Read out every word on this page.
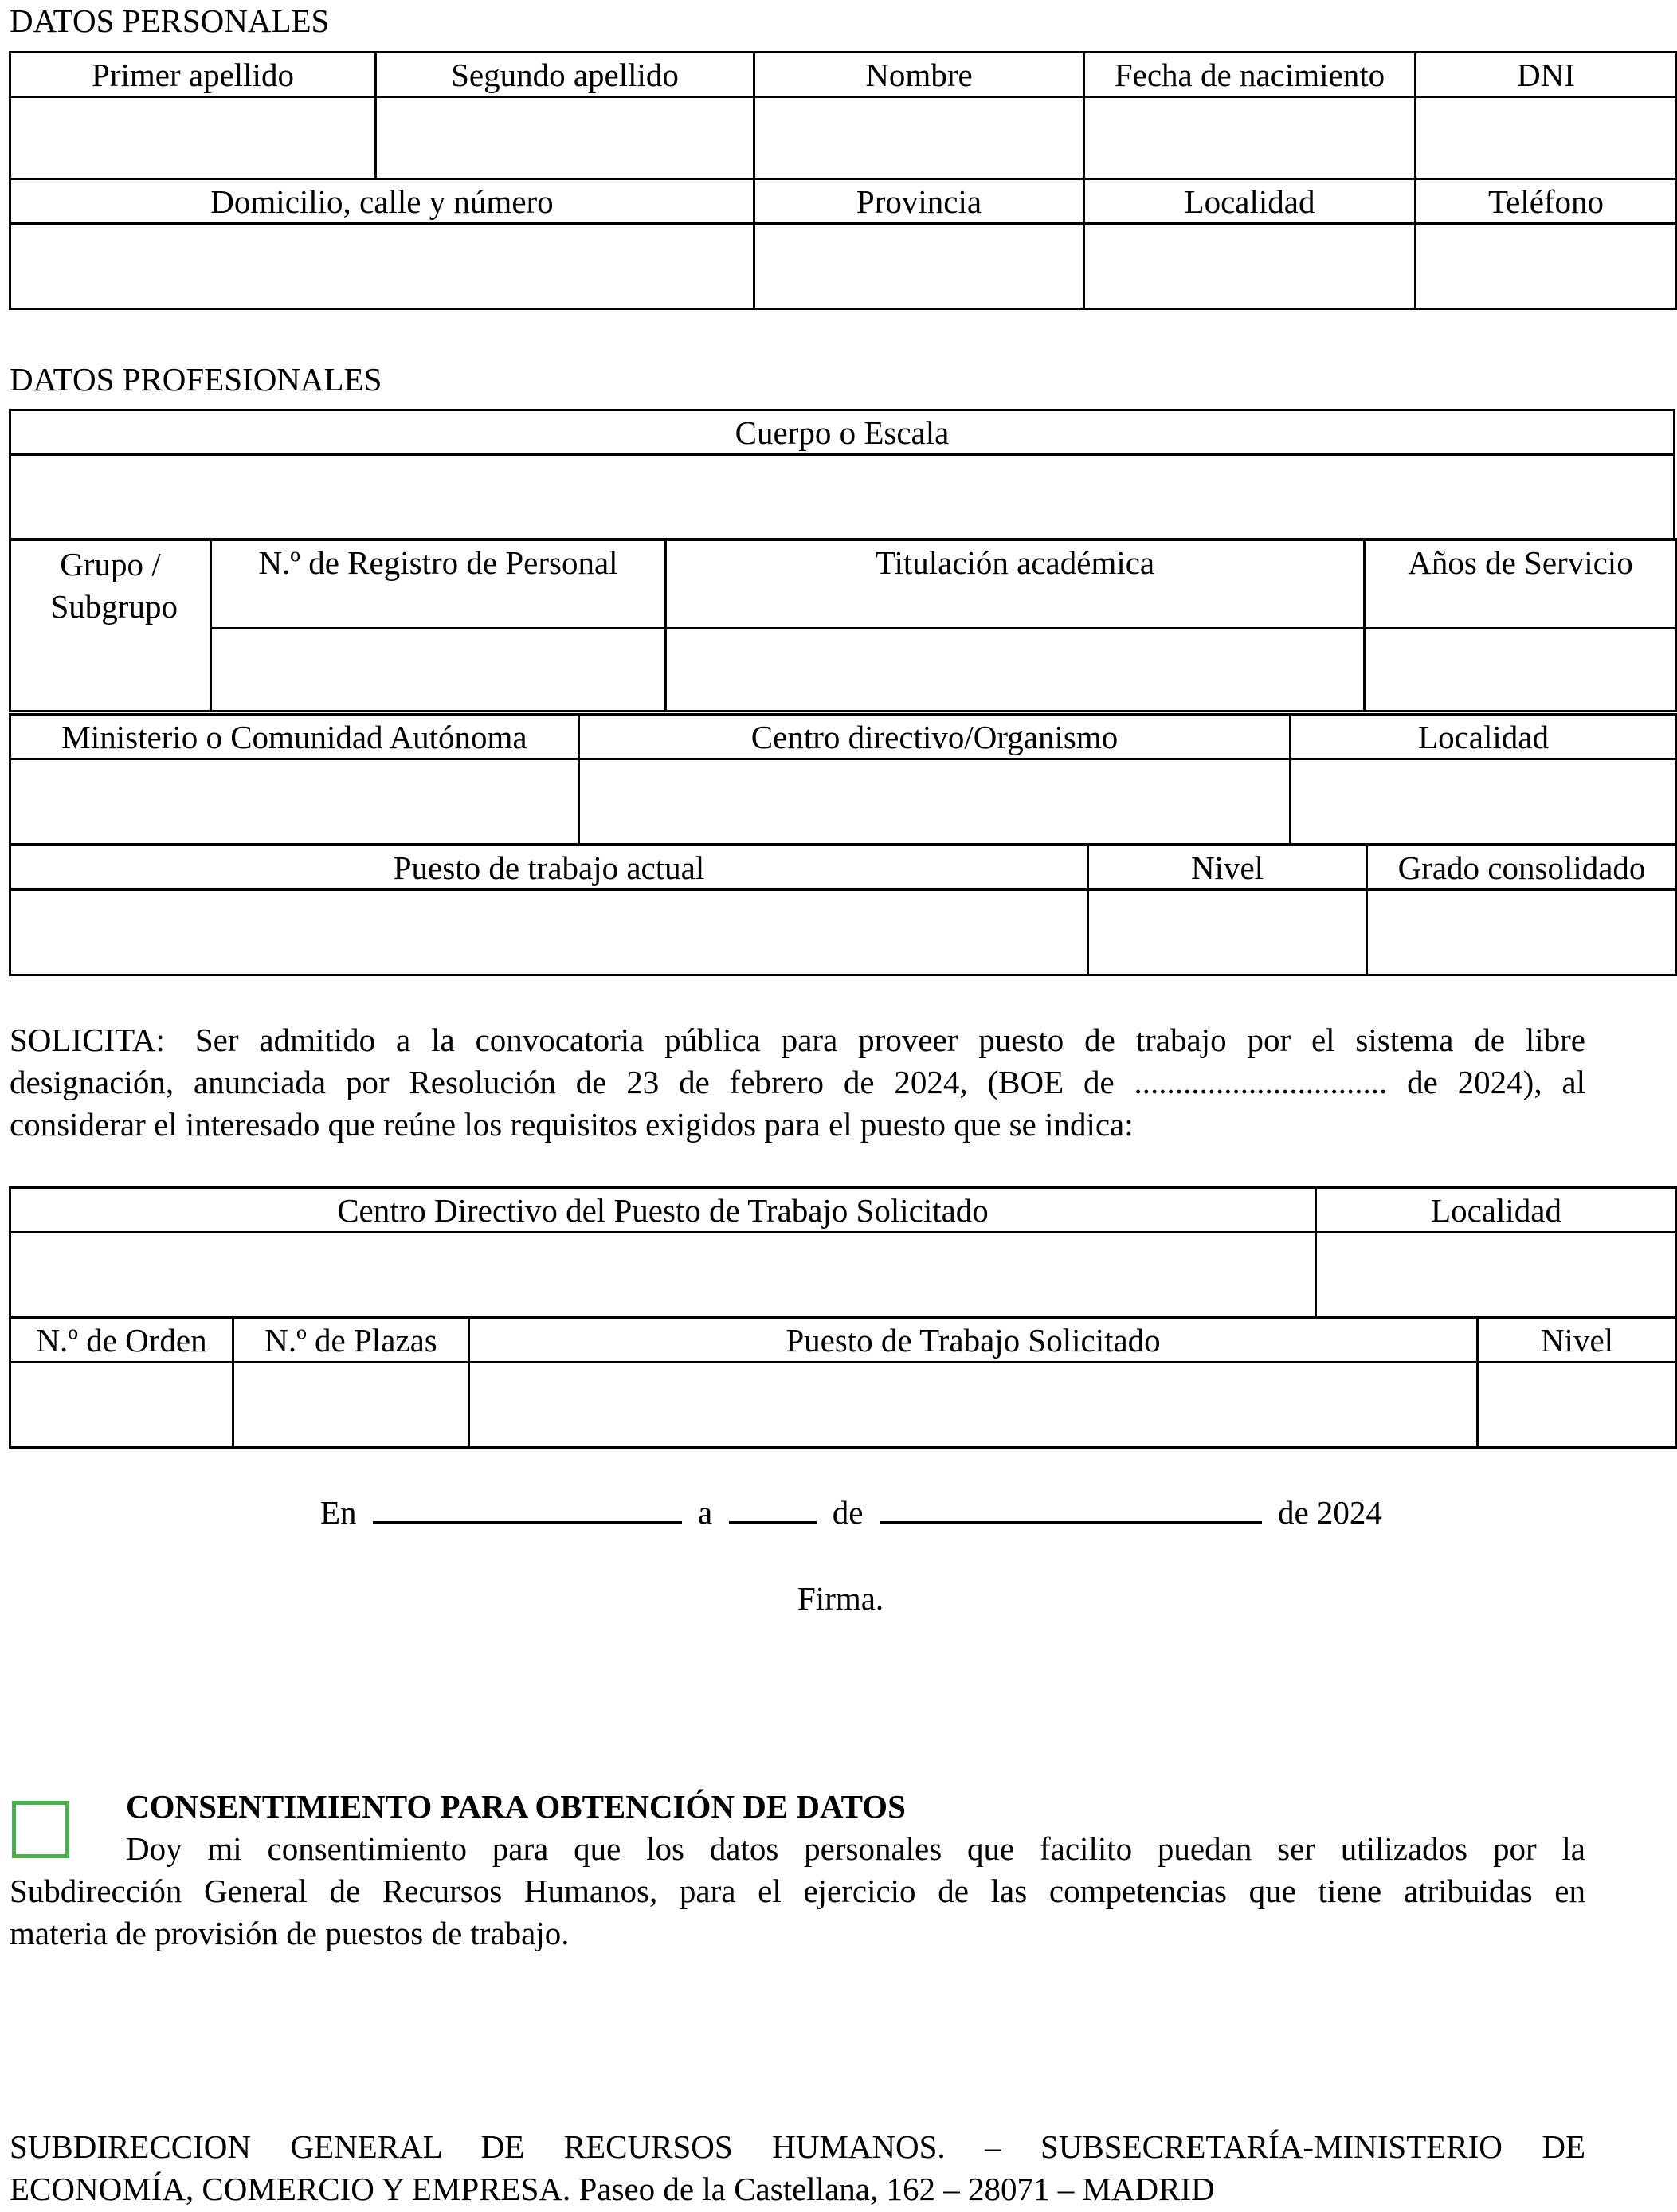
DATOS PERSONALES
Primer apellido	Segundo apellido	Nombre	Fecha de nacimiento	DNI

Domicilio, calle y número		Provincia	Localidad	Teléfono

DATOS PROFESIONALES
Cuerpo o Escala

Grupo / Subgrupo	N.º de Registro de Personal	Titulación académica	Años de Servicio

Ministerio o Comunidad Autónoma	Centro directivo/Organismo	Localidad

Puesto de trabajo actual	Nivel	Grado consolidado

SOLICITA: Ser admitido a la convocatoria pública para proveer puesto de trabajo por el sistema de libre
designación, anunciada por Resolución de 23 de febrero de 2024, (BOE de ............................... de 2024), al
considerar el interesado que reúne los requisitos exigidos para el puesto que se indica:
Centro Directivo del Puesto de Trabajo Solicitado	Localidad

N.º de Orden	N.º de Plazas	Puesto de Trabajo Solicitado	Nivel

En	a	de	de 2024
Firma.
CONSENTIMIENTO PARA OBTENCIÓN DE DATOS
Doy mi consentimiento para que los datos personales que facilito puedan ser utilizados por la
Subdirección General de Recursos Humanos, para el ejercicio de las competencias que tiene atribuidas en
materia de provisión de puestos de trabajo.
SUBDIRECCION GENERAL DE RECURSOS HUMANOS. – SUBSECRETARÍA-MINISTERIO DE
ECONOMÍA, COMERCIO Y EMPRESA. Paseo de la Castellana, 162 – 28071 – MADRID
